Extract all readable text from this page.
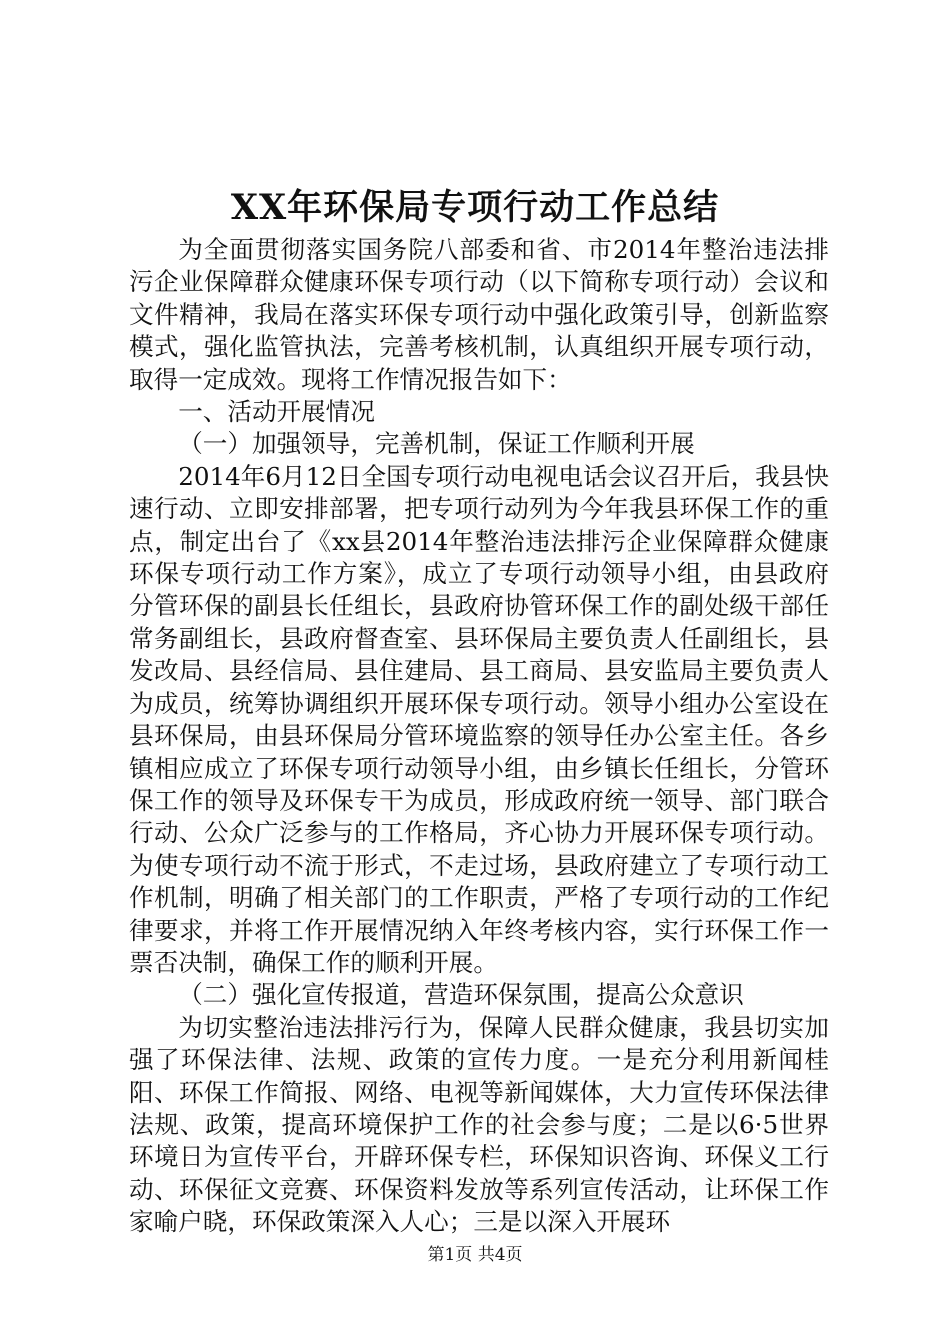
XX年环保局专项行动工作总结

为全面贯彻落实国务院八部委和省、市2014年整治违法排污企业保障群众健康环保专项行动（以下简称专项行动）会议和文件精神，我局在落实环保专项行动中强化政策引导，创新监察模式，强化监管执法，完善考核机制，认真组织开展专项行动，取得一定成效。现将工作情况报告如下：

一、活动开展情况

（一）加强领导，完善机制，保证工作顺利开展

2014年6月12日全国专项行动电视电话会议召开后，我县快速行动、立即安排部署，把专项行动列为今年我县环保工作的重点，制定出台了《xx县2014年整治违法排污企业保障群众健康环保专项行动工作方案》，成立了专项行动领导小组，由县政府分管环保的副县长任组长，县政府协管环保工作的副处级干部任常务副组长，县政府督查室、县环保局主要负责人任副组长，县发改局、县经信局、县住建局、县工商局、县安监局主要负责人为成员，统筹协调组织开展环保专项行动。领导小组办公室设在县环保局，由县环保局分管环境监察的领导任办公室主任。各乡镇相应成立了环保专项行动领导小组，由乡镇长任组长，分管环保工作的领导及环保专干为成员，形成政府统一领导、部门联合行动、公众广泛参与的工作格局，齐心协力开展环保专项行动。为使专项行动不流于形式，不走过场，县政府建立了专项行动工作机制，明确了相关部门的工作职责，严格了专项行动的工作纪律要求，并将工作开展情况纳入年终考核内容，实行环保工作一票否决制，确保工作的顺利开展。

（二）强化宣传报道，营造环保氛围，提高公众意识

为切实整治违法排污行为，保障人民群众健康，我县切实加强了环保法律、法规、政策的宣传力度。一是充分利用新闻桂阳、环保工作简报、网络、电视等新闻媒体，大力宣传环保法律法规、政策，提高环境保护工作的社会参与度；二是以6·5世界环境日为宣传平台，开辟环保专栏，环保知识咨询、环保义工行动、环保征文竞赛、环保资料发放等系列宣传活动，让环保工作家喻户晓，环保政策深入人心；三是以深入开展环

第1页 共4页
